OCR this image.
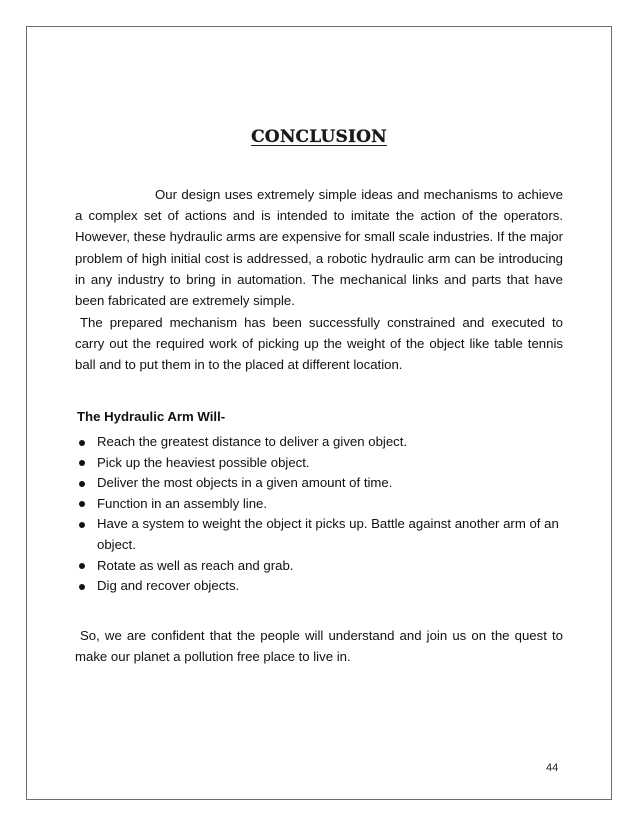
CONCLUSION

Our design uses extremely simple ideas and mechanisms to achieve a complex set of actions and is intended to imitate the action of the operators. However, these hydraulic arms are expensive for small scale industries. If the major problem of high initial cost is addressed, a robotic hydraulic arm can be introducing in any industry to bring in automation. The mechanical links and parts that have been fabricated are extremely simple.

The prepared mechanism has been successfully constrained and executed to carry out the required work of picking up the weight of the object like table tennis ball and to put them in to the placed at different location.

The Hydraulic Arm Will-

Reach the greatest distance to deliver a given object.
Pick up the heaviest possible object.
Deliver the most objects in a given amount of time.
Function in an assembly line.
Have a system to weight the object it picks up. Battle against another arm of an object.
Rotate as well as reach and grab.
Dig and recover objects.

So, we are confident that the people will understand and join us on the quest to make our planet a pollution free place to live in.

44
